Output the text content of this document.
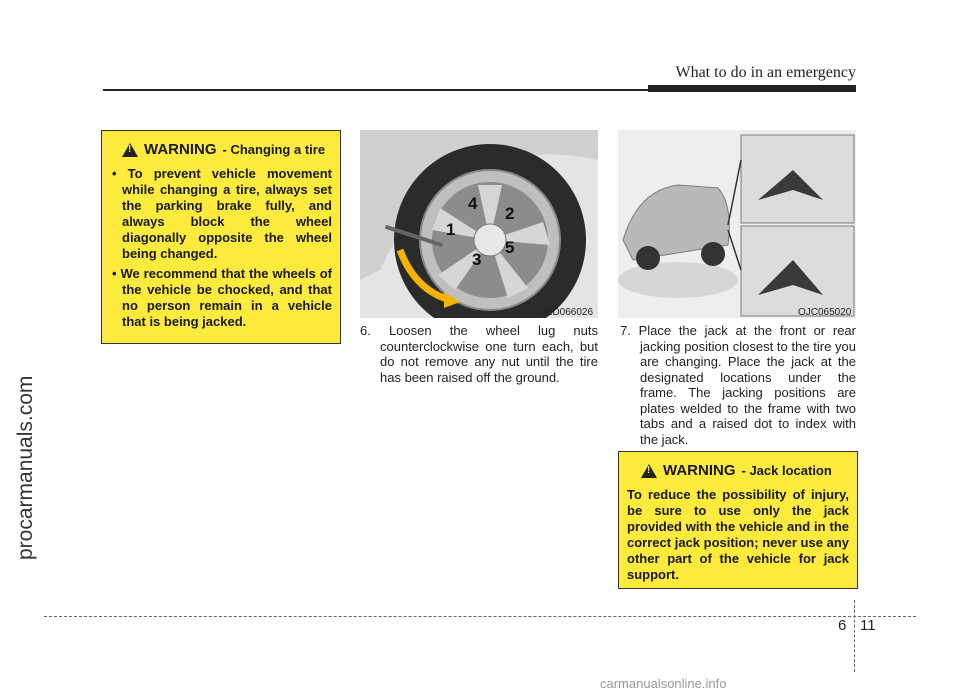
What to do in an emergency
procarmanuals.com
!
WARNING - Changing a tire

• To prevent vehicle movement while changing a tire, always set the parking brake fully, and always block the wheel diagonally opposite the wheel being changed.

• We recommend that the wheels of the vehicle be chocked, and that no person remain in a vehicle that is being jacked.

4
2
1
5
3
OED066026	OJC065020

6. Loosen the wheel lug nuts counterclockwise one turn each, but do not remove any nut until the tire has been raised off the ground.

7. Place the jack at the front or rear jacking position closest to the tire you are changing. Place the jack at the designated locations under the frame. The jacking positions are plates welded to the frame with two tabs and a raised dot to index with the jack.

!
WARNING - Jack location
To reduce the possibility of injury, be sure to use only the jack provided with the vehicle and in the correct jack position; never use any other part of the vehicle for jack support.
6 11
carmanualsonline.info
